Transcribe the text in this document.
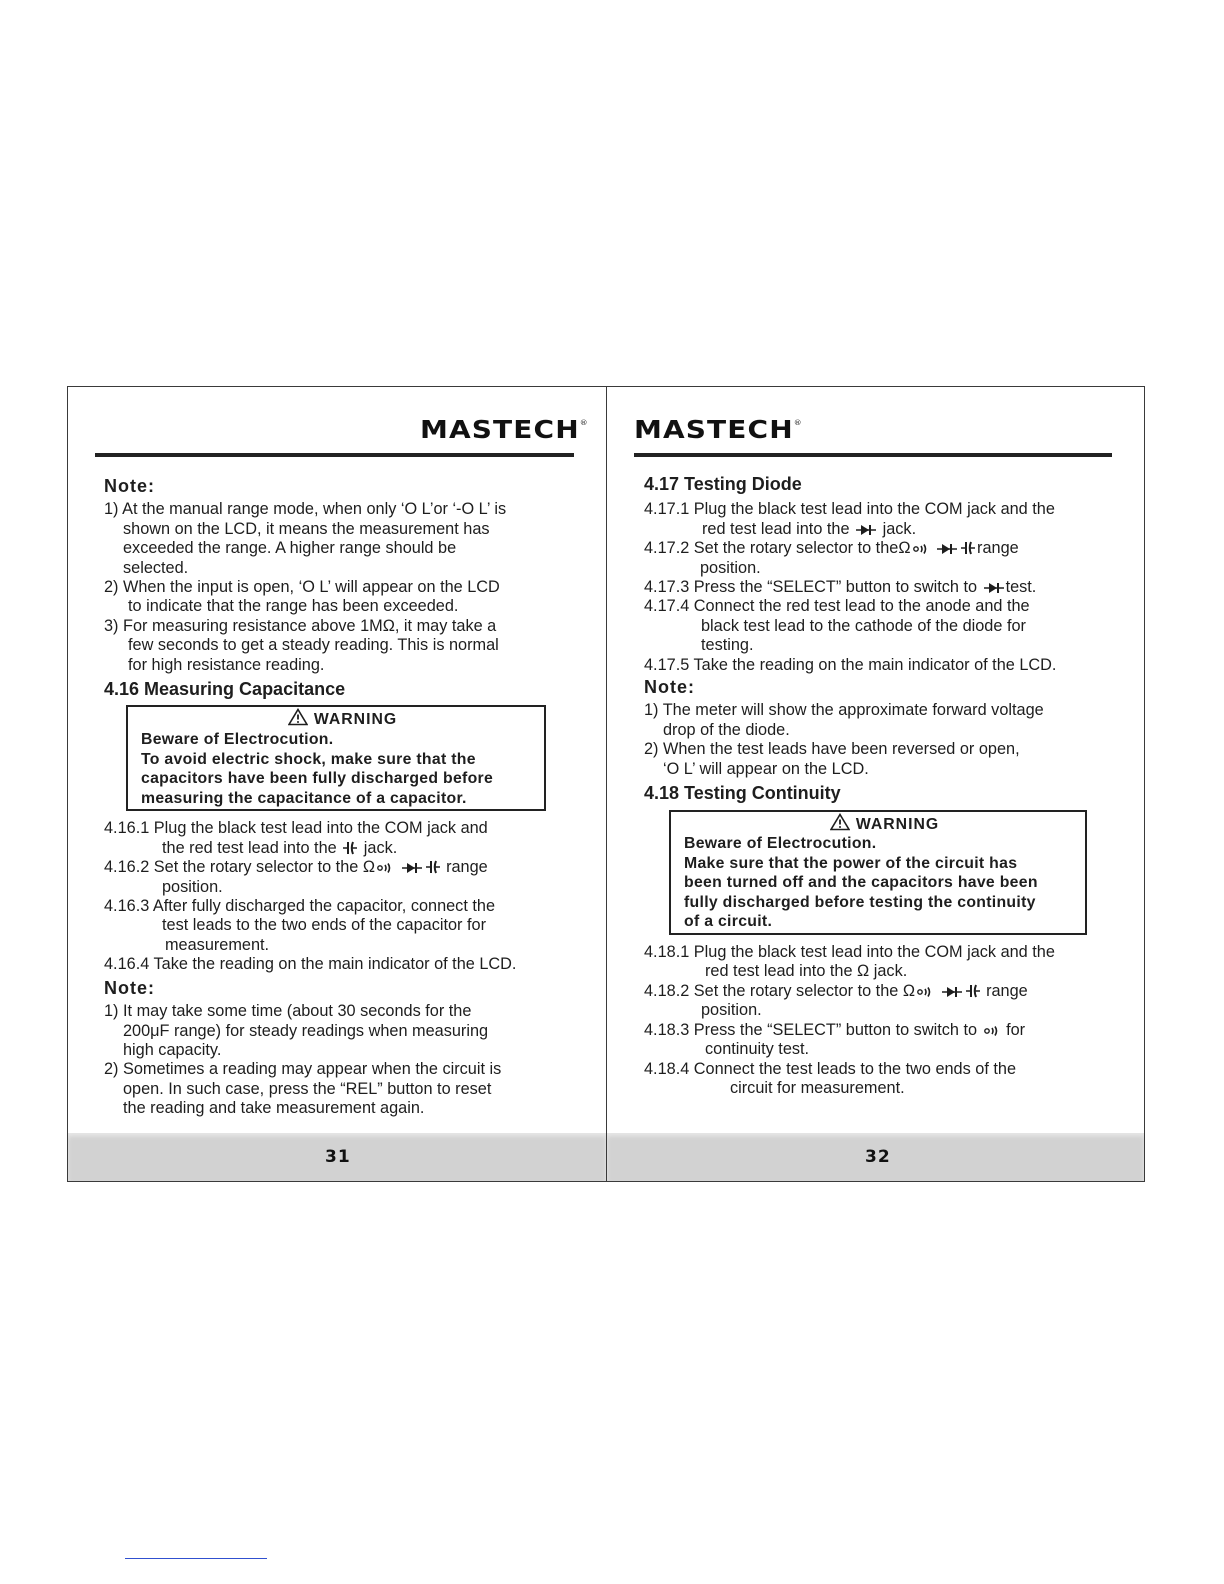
MASTECH®
Note:
1) At the manual range mode, when only ‘O L’or ‘-O L’ is
shown on the LCD, it means the measurement has
exceeded the range. A higher range should be
selected.
2) When the input is open, ‘O L’ will appear on the LCD
to indicate that the range has been exceeded.
3) For measuring resistance above 1MΩ, it may take a
few seconds to get a steady reading. This is normal
for high resistance reading.
4.16 Measuring Capacitance
WARNING
Beware of Electrocution.
To avoid electric shock, make sure that the
capacitors have been fully discharged before
measuring the capacitance of a capacitor.
4.16.1 Plug the black test lead into the COM jack and
the red test lead into the jack.
4.16.2 Set the rotary selector to the Ω	range
position.
4.16.3 After fully discharged the capacitor, connect the
test leads to the two ends of the capacitor for
measurement.
4.16.4 Take the reading on the main indicator of the LCD.
Note:
1) It may take some time (about 30 seconds for the
200μF range) for steady readings when measuring
high capacity.
2) Sometimes a reading may appear when the circuit is
open. In such case, press the “REL” button to reset
the reading and take measurement again.
31
MASTECH®
4.17 Testing Diode
4.17.1 Plug the black test lead into the COM jack and the
red test lead into the jack.
4.17.2 Set the rotary selector to theΩ	range
position.
4.17.3 Press the “SELECT” button to switch to test.
4.17.4 Connect the red test lead to the anode and the
black test lead to the cathode of the diode for
testing.
4.17.5 Take the reading on the main indicator of the LCD.
Note:
1) The meter will show the approximate forward voltage
drop of the diode.
2) When the test leads have been reversed or open,
‘O L’ will appear on the LCD.
4.18 Testing Continuity
WARNING
Beware of Electrocution.
Make sure that the power of the circuit has
been turned off and the capacitors have been
fully discharged before testing the continuity
of a circuit.
4.18.1 Plug the black test lead into the COM jack and the
red test lead into the Ω jack.
4.18.2 Set the rotary selector to the Ω	range
position.
4.18.3 Press the “SELECT” button to switch to for
continuity test.
4.18.4 Connect the test leads to the two ends of the
circuit for measurement.
32
